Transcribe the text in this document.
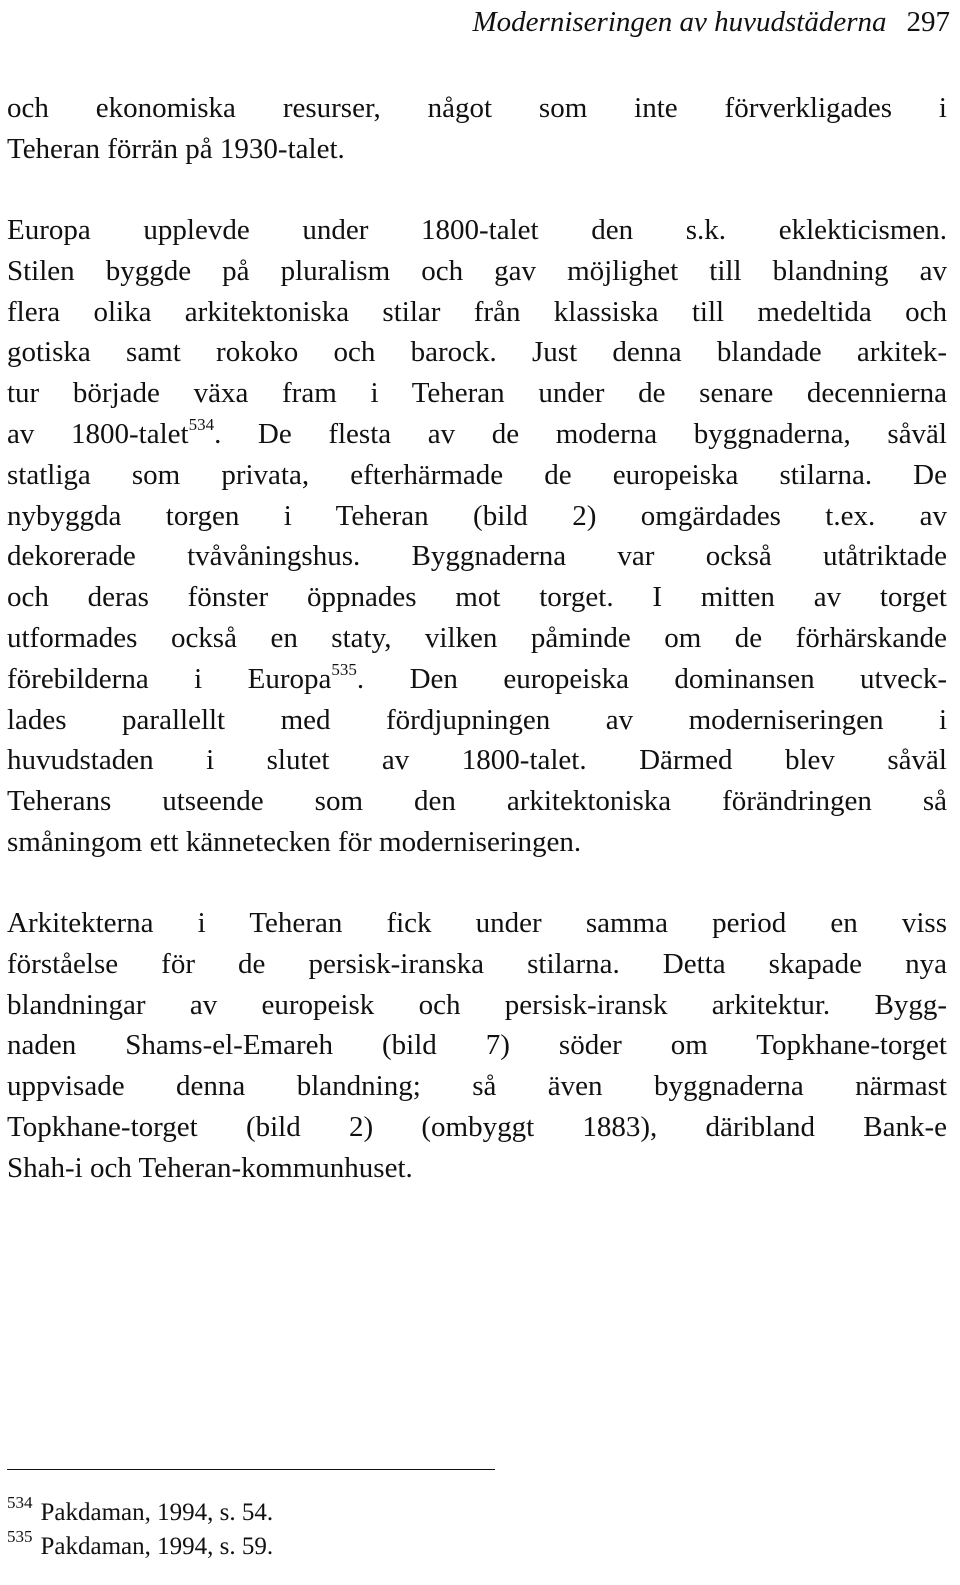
Moderniseringen av huvudstäderna 297

och ekonomiska resurser, något som inte förverkligades i
Teheran förrän på 1930-talet.

Europa upplevde under 1800-talet den s.k. eklekticismen.
Stilen byggde på pluralism och gav möjlighet till blandning av
flera olika arkitektoniska stilar från klassiska till medeltida och
gotiska samt rokoko och barock. Just denna blandade arkitek-
tur började växa fram i Teheran under de senare decennierna
av 1800-talet$^{534}$. De flesta av de moderna byggnaderna, såväl
statliga som privata, efterhärmade de europeiska stilarna. De
nybyggda torgen i Teheran (bild 2) omgärdades t.ex. av
dekorerade tvåvåningshus. Byggnaderna var också utåtriktade
och deras fönster öppnades mot torget. I mitten av torget
utformades också en staty, vilken påminde om de förhärskande
förebilderna i Europa$^{535}$. Den europeiska dominansen utveck-
lades parallellt med fördjupningen av moderniseringen i
huvudstaden i slutet av 1800-talet. Därmed blev såväl
Teherans utseende som den arkitektoniska förändringen så
småningom ett kännetecken för moderniseringen.

Arkitekterna i Teheran fick under samma period en viss
förståelse för de persisk-iranska stilarna. Detta skapade nya
blandningar av europeisk och persisk-iransk arkitektur. Bygg-
naden Shams-el-Emareh (bild 7) söder om Topkhane-torget
uppvisade denna blandning; så även byggnaderna närmast
Topkhane-torget (bild 2) (ombyggt 1883), däribland Bank-e
Shah-i och Teheran-kommunhuset.

$^{534}$ Pakdaman, 1994, s. 54.
$^{535}$ Pakdaman, 1994, s. 59.
